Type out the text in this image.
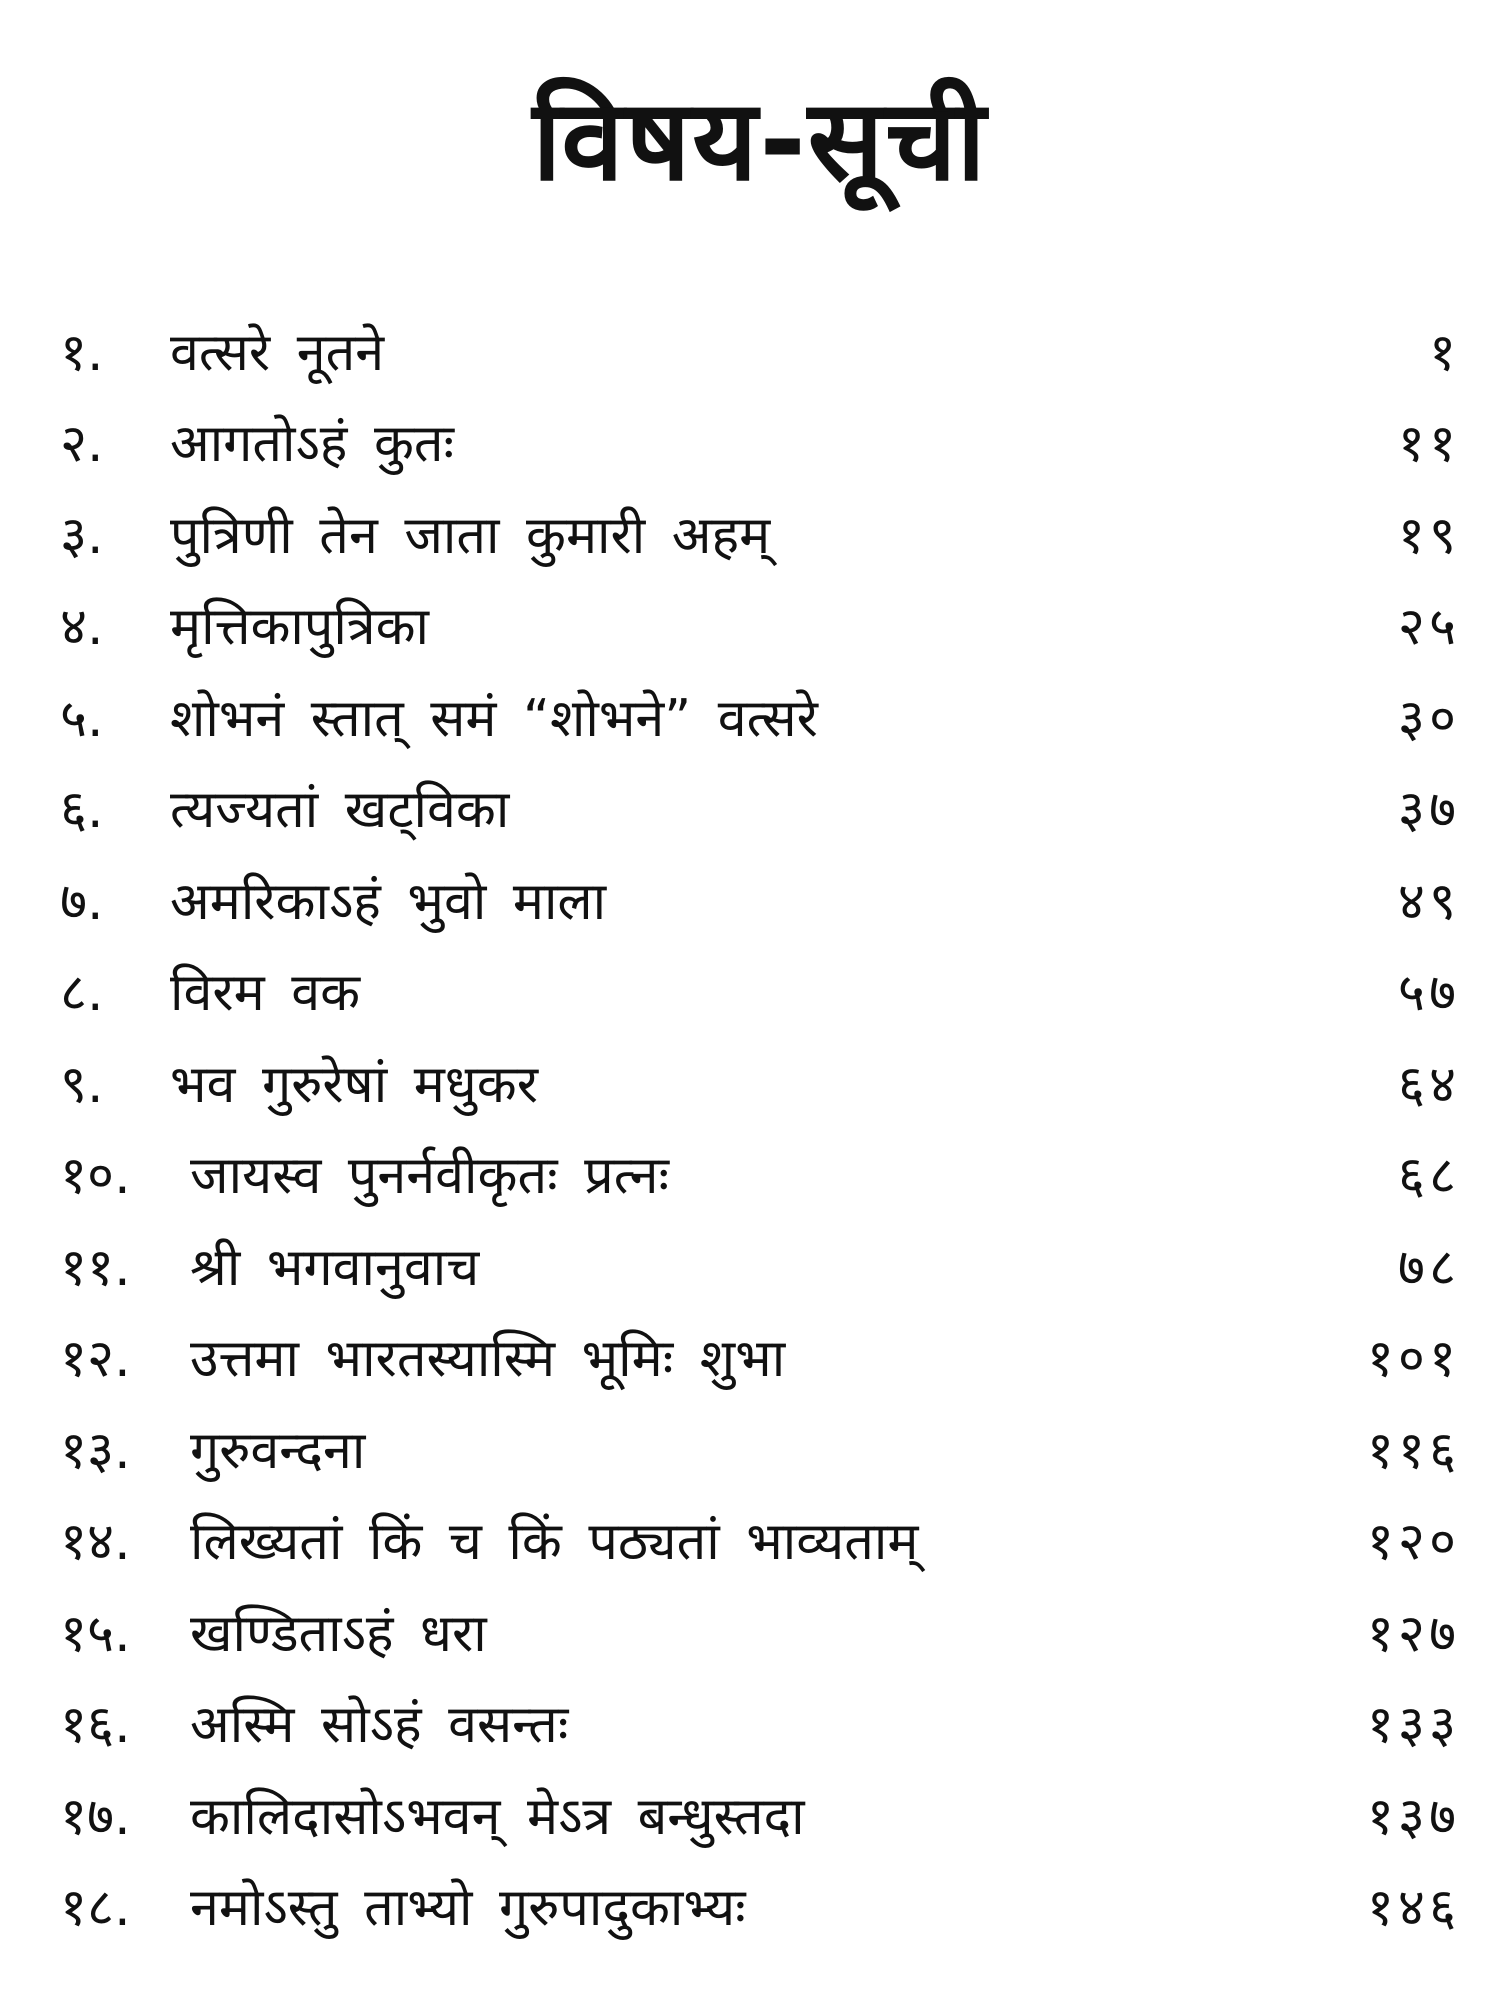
विषय-सूची
१.	वत्सरे नूतने	१
२.	आगतोऽहं कुतः	११
३.	पुत्रिणी तेन जाता कुमारी अहम्	१९
४.	मृत्तिकापुत्रिका	२५
५.	शोभनं स्तात् समं “शोभने” वत्सरे	३०
६.	त्यज्यतां खट्विका	३७
७.	अमरिकाऽहं भुवो माला	४९
८.	विरम वक	५७
९.	भव गुरुरेषां मधुकर	६४
१०.	जायस्व पुनर्नवीकृतः प्रत्नः	६८
११.	श्री भगवानुवाच	७८
१२.	उत्तमा भारतस्यास्मि भूमिः शुभा	१०१
१३.	गुरुवन्दना	११६
१४.	लिख्यतां किं च किं पठ्यतां भाव्यताम्	१२०
१५.	खण्डिताऽहं धरा	१२७
१६.	अस्मि सोऽहं वसन्तः	१३३
१७.	कालिदासोऽभवन् मेऽत्र बन्धुस्तदा	१३७
१८.	नमोऽस्तु ताभ्यो गुरुपादुकाभ्यः	१४६
